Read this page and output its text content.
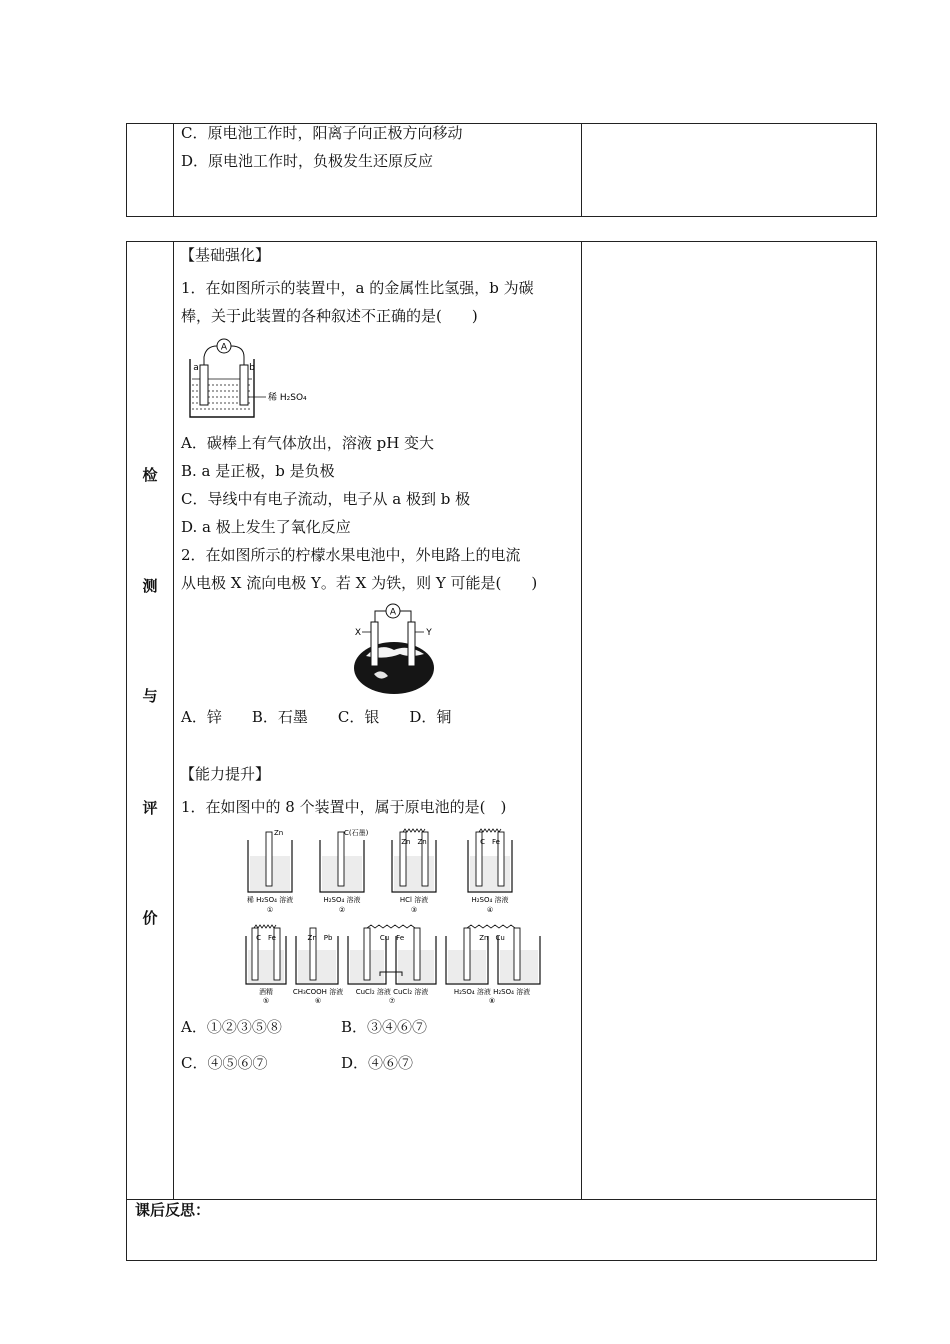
C．原电池工作时，阳离子向正极方向移动
D．原电池工作时，负极发生还原反应
检
测
与
评
价
【基础强化】
1．在如图所示的装置中，a 的金属性比氢强，b 为碳
棒，关于此装置的各种叙述不正确的是(　　)
A
a	b
稀 H₂SO₄
A．碳棒上有气体放出，溶液 pH 变大
B. a 是正极，b 是负极
C．导线中有电子流动，电子从 a 极到 b 极
D. a 极上发生了氧化反应
2．在如图所示的柠檬水果电池中，外电路上的电流
从电极 X 流向电极 Y。若 X 为铁，则 Y 可能是(　　)
A
X	Y
A．锌　　B．石墨　　C．银　　D．铜
【能力提升】
1．在如图中的 8 个装置中，属于原电池的是(　)
Zn
稀 H₂SO₄ 溶液
①
C(石墨)
H₂SO₄ 溶液
②
Zn　Zn
HCl 溶液
③
C　Fe
H₂SO₄ 溶液
④
C　Fe
酒精
⑤
Zn　Pb
CH₃COOH 溶液
⑥
Cu　Fe
CuCl₂ 溶液 CuCl₂ 溶液
⑦
Zn　Cu
H₂SO₄ 溶液 H₂SO₄ 溶液
⑧
A．①②③⑤⑧	B．③④⑥⑦
C．④⑤⑥⑦	D．④⑥⑦
课后反思：
